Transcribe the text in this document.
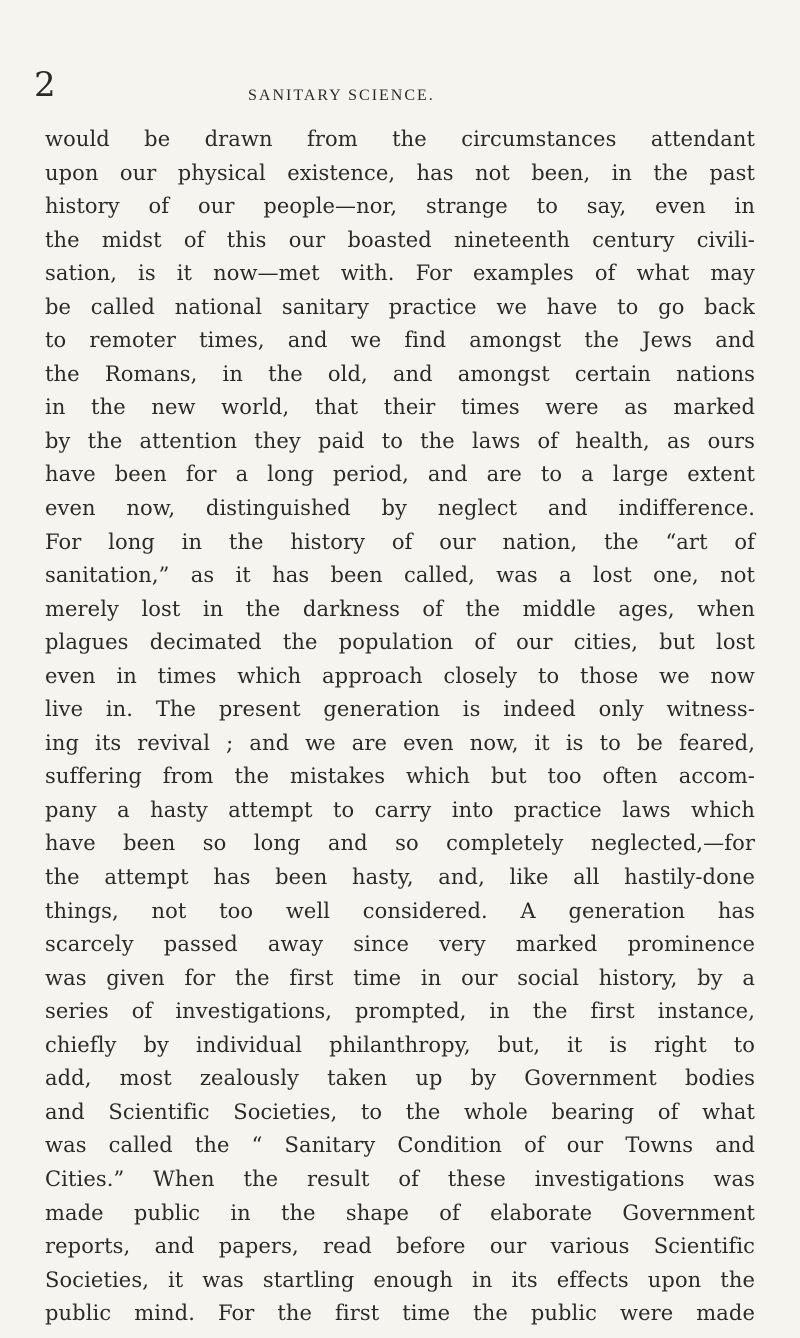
2	SANITARY SCIENCE.
would be drawn from the circumstances attendant
upon our physical existence, has not been, in the past
history of our people—nor, strange to say, even in
the midst of this our boasted nineteenth century civili-
sation, is it now—met with. For examples of what may
be called national sanitary practice we have to go back
to remoter times, and we find amongst the Jews and
the Romans, in the old, and amongst certain nations
in the new world, that their times were as marked
by the attention they paid to the laws of health, as ours
have been for a long period, and are to a large extent
even now, distinguished by neglect and indifference.
For long in the history of our nation, the “art of
sanitation,” as it has been called, was a lost one, not
merely lost in the darkness of the middle ages, when
plagues decimated the population of our cities, but lost
even in times which approach closely to those we now
live in. The present generation is indeed only witness-
ing its revival ; and we are even now, it is to be feared,
suffering from the mistakes which but too often accom-
pany a hasty attempt to carry into practice laws which
have been so long and so completely neglected,—for
the attempt has been hasty, and, like all hastily-done
things, not too well considered. A generation has
scarcely passed away since very marked prominence
was given for the first time in our social history, by a
series of investigations, prompted, in the first instance,
chiefly by individual philanthropy, but, it is right to
add, most zealously taken up by Government bodies
and Scientific Societies, to the whole bearing of what
was called the “ Sanitary Condition of our Towns and
Cities.” When the result of these investigations was
made public in the shape of elaborate Government
reports, and papers, read before our various Scientific
Societies, it was startling enough in its effects upon the
public mind. For the first time the public were made
